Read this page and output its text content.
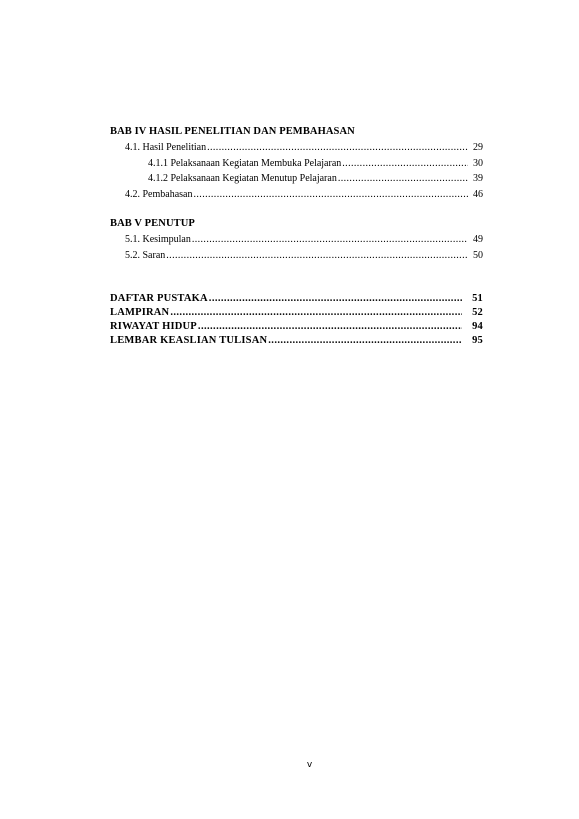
BAB IV HASIL PENELITIAN DAN PEMBAHASAN
4.1. Hasil Penelitian .....	29
4.1.1 Pelaksanaan Kegiatan Membuka Pelajaran .....	30
4.1.2 Pelaksanaan Kegiatan Menutup Pelajaran .....	39
4.2. Pembahasan .....	46
BAB V PENUTUP
5.1. Kesimpulan .....	49
5.2. Saran .....	50
DAFTAR PUSTAKA .....	51
LAMPIRAN .....	52
RIWAYAT HIDUP .....	94
LEMBAR KEASLIAN TULISAN .....	95
v
